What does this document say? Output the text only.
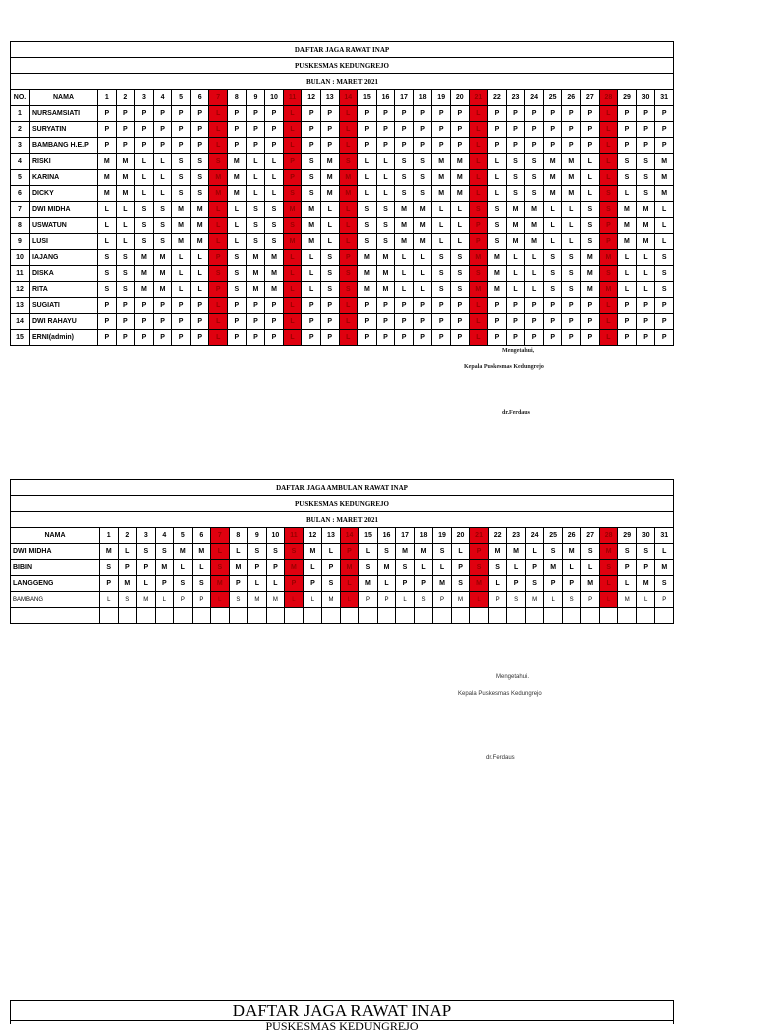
DAFTAR JAGA RAWAT INAP																																
PUSKESMAS KEDUNGREJO																																
BULAN : MARET 2021																																
NO.	NAMA	1	2	3	4	5	6	7	8	9	10	11	12	13	14	15	16	17	18	19	20	21	22	23	24	25	26	27	28	29	30	31
1	NURSAMSIATI	P	P	P	P	P	P	L	P	P	P	L	P	P	L	P	P	P	P	P	P	L	P	P	P	P	P	P	L	P	P	P
2	SURYATIN	P	P	P	P	P	P	L	P	P	P	L	P	P	L	P	P	P	P	P	P	L	P	P	P	P	P	P	L	P	P	P
3	BAMBANG H.E.P	P	P	P	P	P	P	L	P	P	P	L	P	P	L	P	P	P	P	P	P	L	P	P	P	P	P	P	L	P	P	P
4	RISKI	M	M	L	L	S	S	S	M	L	L	P	S	M	S	L	L	S	S	M	M	L	L	S	S	M	M	L	L	S	S	M
5	KARINA	M	M	L	L	S	S	M	M	L	L	P	S	M	M	L	L	S	S	M	M	L	L	S	S	M	M	L	L	S	S	M
6	DICKY	M	M	L	L	S	S	M	M	L	L	S	S	M	M	L	L	S	S	M	M	L	L	S	S	M	M	L	S	L	S	M
7	DWI MIDHA	L	L	S	S	M	M	L	L	S	S	M	M	L	L	S	S	M	M	L	L	S	S	M	M	L	L	S	S	M	M	L
8	USWATUN	L	L	S	S	M	M	L	L	S	S	S	M	L	L	S	S	M	M	L	L	P	S	M	M	L	L	S	P	M	M	L
9	LUSI	L	L	S	S	M	M	L	L	S	S	M	M	L	L	S	S	M	M	L	L	P	S	M	M	L	L	S	P	M	M	L
10	IAJANG	S	S	M	M	L	L	P	S	M	M	L	L	S	P	M	M	L	L	S	S	M	M	L	L	S	S	M	M	L	L	S
11	DISKA	S	S	M	M	L	L	S	S	M	M	L	L	S	S	M	M	L	L	S	S	S	M	L	L	S	S	M	S	L	L	S
12	RITA	S	S	M	M	L	L	P	S	M	M	L	L	S	S	M	M	L	L	S	S	M	M	L	L	S	S	M	M	L	L	S
13	SUGIATI	P	P	P	P	P	P	L	P	P	P	L	P	P	L	P	P	P	P	P	P	L	P	P	P	P	P	P	L	P	P	P
14	DWI RAHAYU	P	P	P	P	P	P	L	P	P	P	L	P	P	L	P	P	P	P	P	P	L	P	P	P	P	P	P	L	P	P	P
15	ERNI(admin)	P	P	P	P	P	P	L	P	P	P	L	P	P	L	P	P	P	P	P	P	L	P	P	P	P	P	P	L	P	P	P
Mengetahui,
Kepala Puskesmas Kedungrejo
dr.Ferdaus
DAFTAR JAGA AMBULAN RAWAT INAP																															
PUSKESMAS KEDUNGREJO																															
BULAN : MARET 2021																															
NAMA	1	2	3	4	5	6	7	8	9	10	11	12	13	14	15	16	17	18	19	20	21	22	23	24	25	26	27	28	29	30	31
DWI MIDHA	M	L	S	S	M	M	L	L	S	S	S	M	L	P	L	S	M	M	S	L	P	M	M	L	S	M	S	M	S	S	L
BIBIN	S	P	P	M	L	L	S	M	P	P	M	L	P	M	S	M	S	L	L	P	S	S	L	P	M	L	L	S	P	P	M
LANGGENG	P	M	L	P	S	S	M	P	L	L	P	P	S	L	M	L	P	P	M	S	M	L	P	S	P	P	M	L	L	M	S
BAMBANG	L	S	M	L	P	P	L	S	M	M	L	L	M	L	P	P	L	S	P	M	L	P	S	M	L	S	P	L	M	L	P

Mengetahui.
Kepala Puskesmas Kedungrejo
dr.Ferdaus
DAFTAR JAGA RAWAT INAP
PUSKESMAS KEDUNGREJO
